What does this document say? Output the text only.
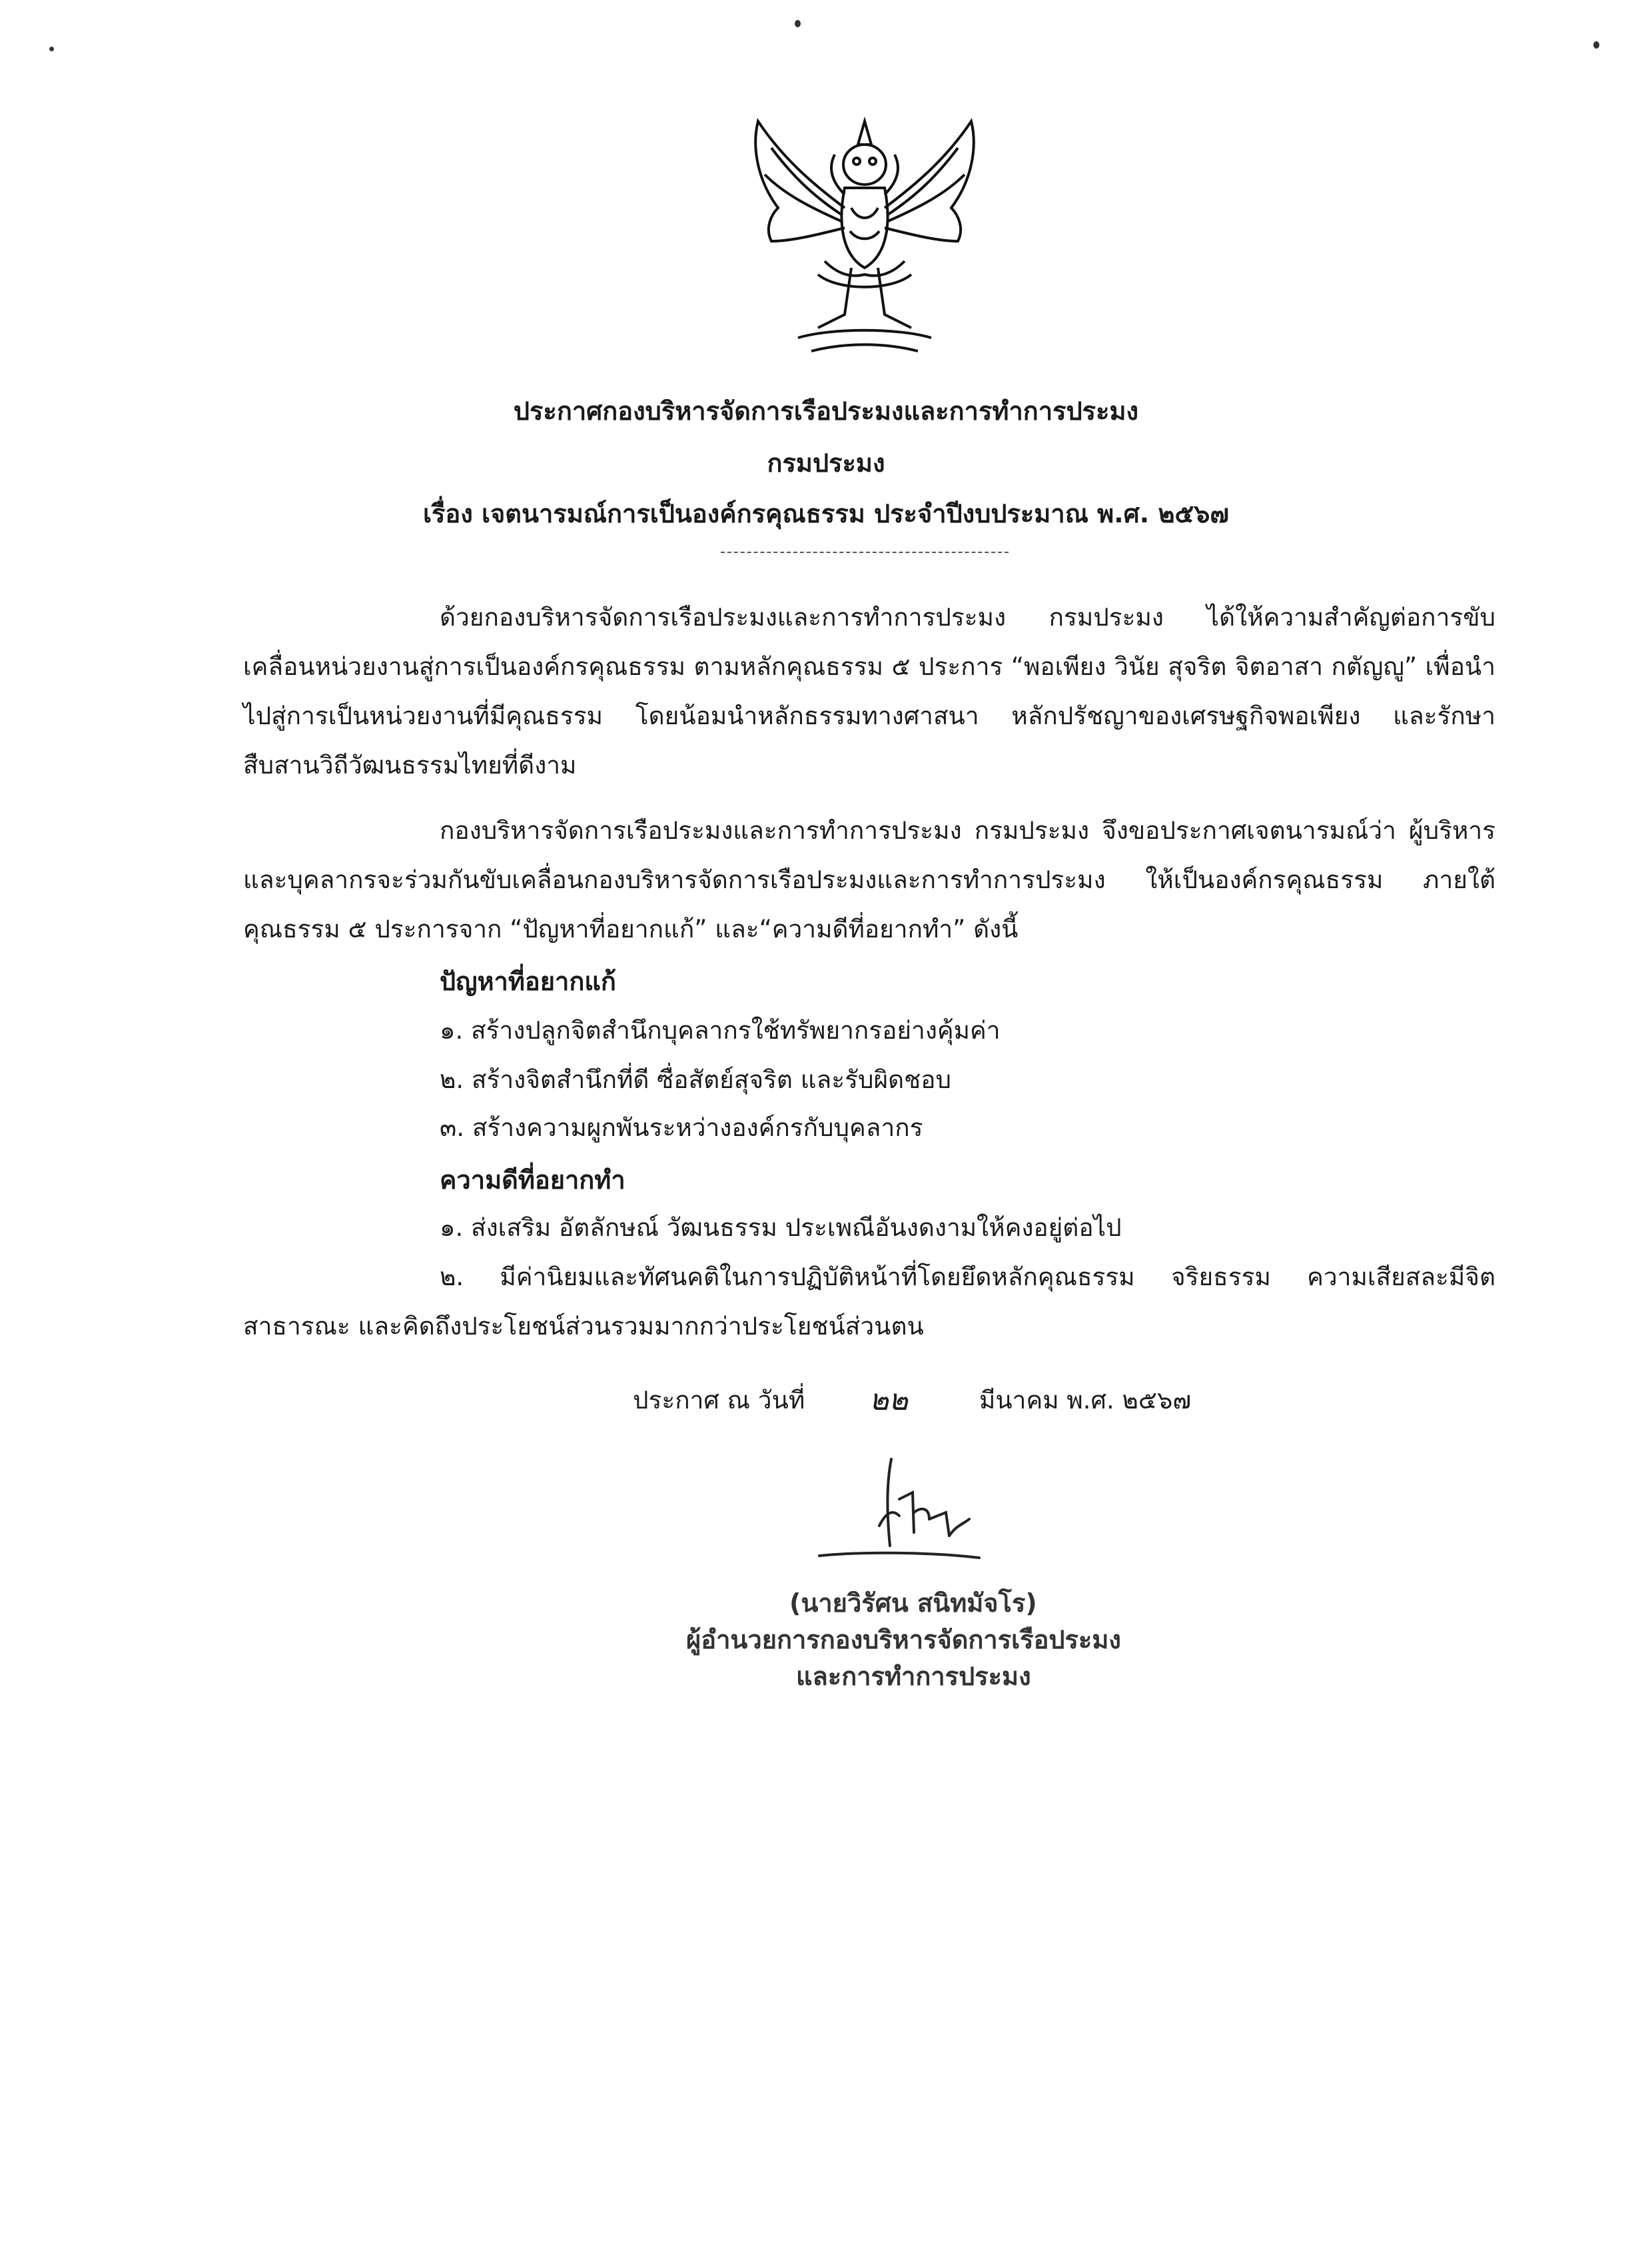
ประกาศกองบริหารจัดการเรือประมงและการทำการประมง
กรมประมง
เรื่อง เจตนารมณ์การเป็นองค์กรคุณธรรม ประจำปีงบประมาณ พ.ศ. ๒๕๖๗
ด้วยกองบริหารจัดการเรือประมงและการทำการประมง กรมประมง ได้ให้ความสำคัญต่อการขับเคลื่อนหน่วยงานสู่การเป็นองค์กรคุณธรรม ตามหลักคุณธรรม ๕ ประการ “พอเพียง วินัย สุจริต จิตอาสา กตัญญู” เพื่อนำไปสู่การเป็นหน่วยงานที่มีคุณธรรม โดยน้อมนำหลักธรรมทางศาสนา หลักปรัชญาของเศรษฐกิจพอเพียง และรักษาสืบสานวิถีวัฒนธรรมไทยที่ดีงาม
กองบริหารจัดการเรือประมงและการทำการประมง กรมประมง จึงขอประกาศเจตนารมณ์ว่า ผู้บริหารและบุคลากรจะร่วมกันขับเคลื่อนกองบริหารจัดการเรือประมงและการทำการประมง ให้เป็นองค์กรคุณธรรม ภายใต้คุณธรรม ๕ ประการจาก “ปัญหาที่อยากแก้” และ“ความดีที่อยากทำ” ดังนี้
ปัญหาที่อยากแก้
๑. สร้างปลูกจิตสำนึกบุคลากรใช้ทรัพยากรอย่างคุ้มค่า
๒. สร้างจิตสำนึกที่ดี ซื่อสัตย์สุจริต และรับผิดชอบ
๓. สร้างความผูกพันระหว่างองค์กรกับบุคลากร
ความดีที่อยากทำ
๑. ส่งเสริม อัตลักษณ์ วัฒนธรรม ประเพณีอันงดงามให้คงอยู่ต่อไป
๒. มีค่านิยมและทัศนคติในการปฏิบัติหน้าที่โดยยึดหลักคุณธรรม จริยธรรม ความเสียสละมีจิตสาธารณะ และคิดถึงประโยชน์ส่วนรวมมากกว่าประโยชน์ส่วนตน
ประกาศ ณ วันที่ ๒๒	มีนาคม พ.ศ. ๒๕๖๗
(นายวิรัศน สนิทมัจโร)
ผู้อำนวยการกองบริหารจัดการเรือประมง
และการทำการประมง
